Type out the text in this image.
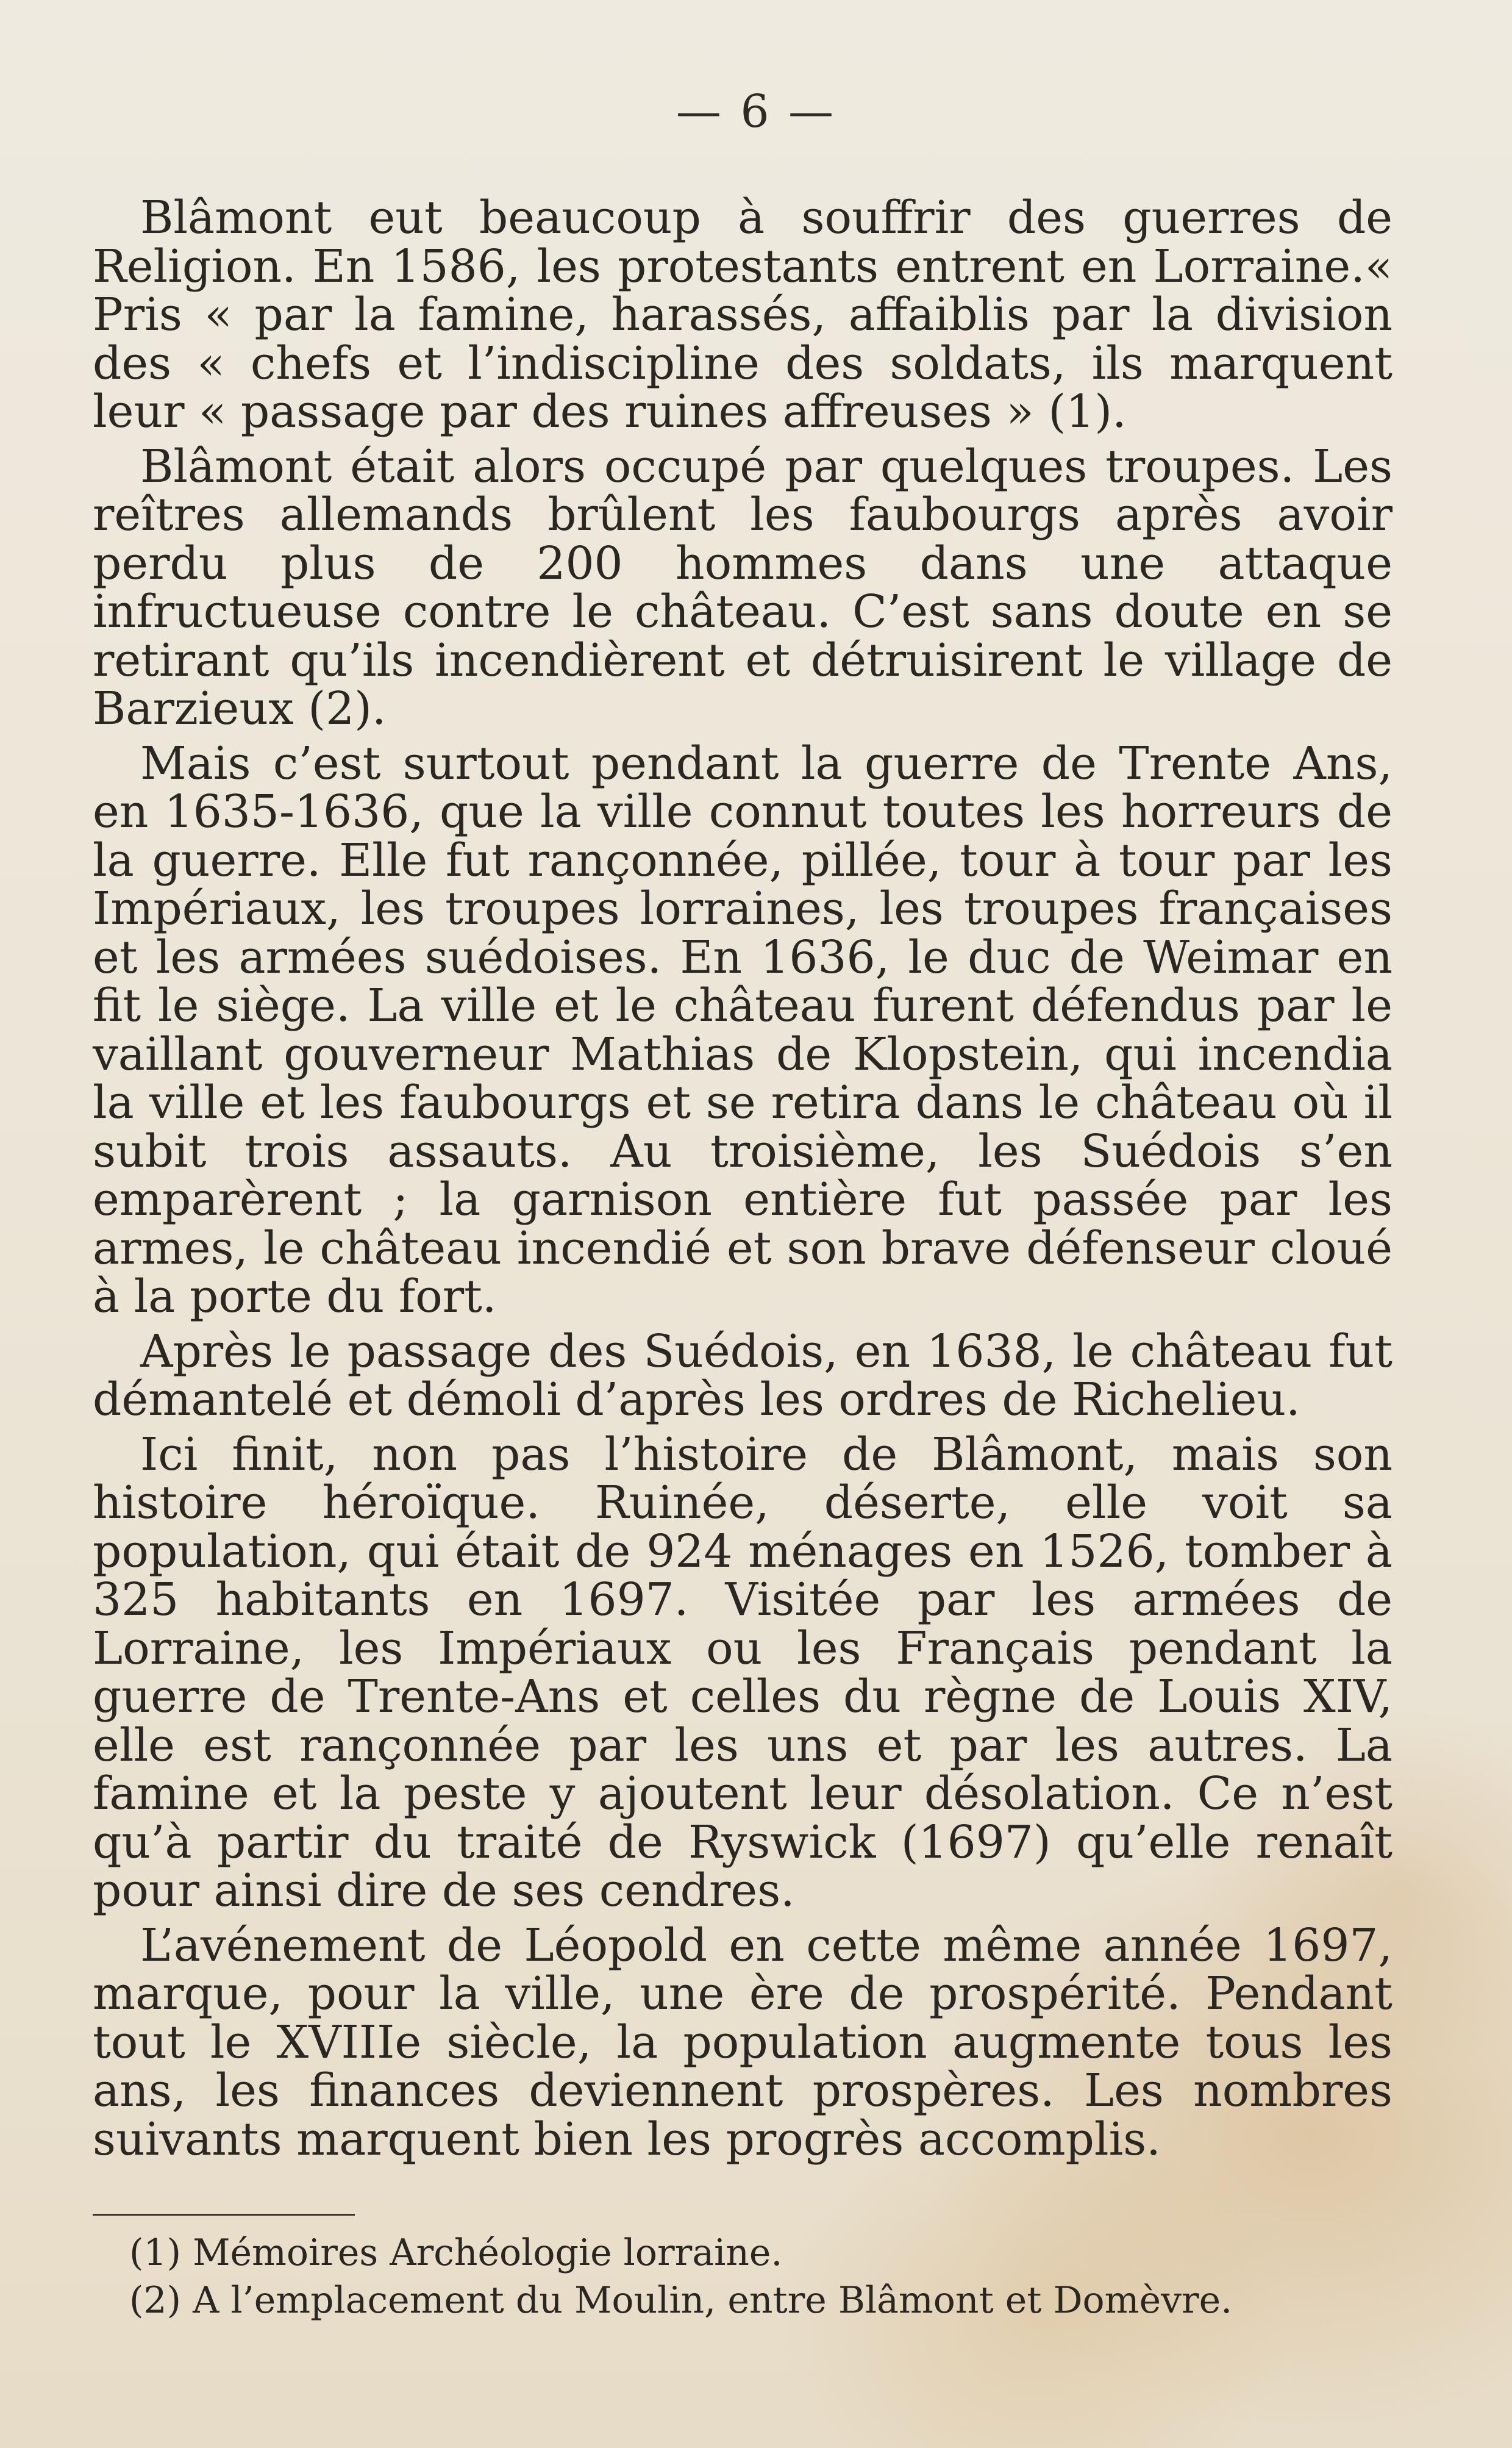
— 6 —

Blâmont eut beaucoup à souffrir des guerres de Religion. En 1586, les protestants entrent en Lorraine.« Pris « par la famine, harassés, affaiblis par la division des « chefs et l’indiscipline des soldats, ils marquent leur « passage par des ruines affreuses » (1).

Blâmont était alors occupé par quelques troupes. Les reîtres allemands brûlent les faubourgs après avoir perdu plus de 200 hommes dans une attaque infructueuse contre le château. C’est sans doute en se retirant qu’ils incendièrent et détruisirent le village de Barzieux (2).

Mais c’est surtout pendant la guerre de Trente Ans, en 1635-1636, que la ville connut toutes les horreurs de la guerre. Elle fut rançonnée, pillée, tour à tour par les Impériaux, les troupes lorraines, les troupes françaises et les armées suédoises. En 1636, le duc de Weimar en fit le siège. La ville et le château furent défendus par le vaillant gouverneur Mathias de Klopstein, qui incendia la ville et les faubourgs et se retira dans le château où il subit trois assauts. Au troisième, les Suédois s’en emparèrent ; la garnison entière fut passée par les armes, le château incendié et son brave défenseur cloué à la porte du fort.

Après le passage des Suédois, en 1638, le château fut démantelé et démoli d’après les ordres de Richelieu.

Ici finit, non pas l’histoire de Blâmont, mais son histoire héroïque. Ruinée, déserte, elle voit sa population, qui était de 924 ménages en 1526, tomber à 325 habitants en 1697. Visitée par les armées de Lorraine, les Impériaux ou les Français pendant la guerre de Trente-Ans et celles du règne de Louis XIV, elle est rançonnée par les uns et par les autres. La famine et la peste y ajoutent leur désolation. Ce n’est qu’à partir du traité de Ryswick (1697) qu’elle renaît pour ainsi dire de ses cendres.

L’avénement de Léopold en cette même année 1697, marque, pour la ville, une ère de prospérité. Pendant tout le XVIIIe siècle, la population augmente tous les ans, les finances deviennent prospères. Les nombres suivants marquent bien les progrès accomplis.

(1) Mémoires Archéologie lorraine.

(2) A l’emplacement du Moulin, entre Blâmont et Domèvre.
